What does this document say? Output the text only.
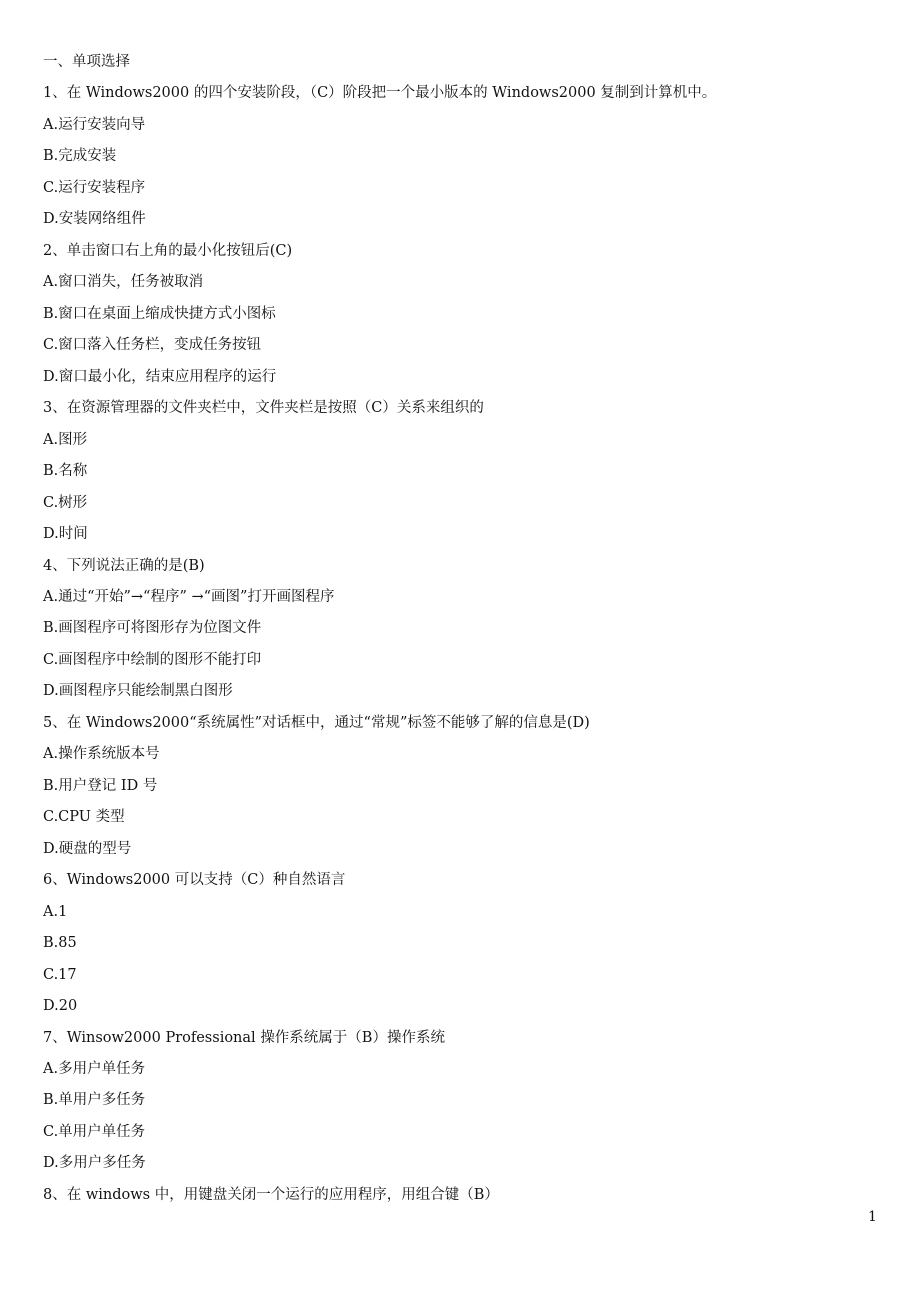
一、单项选择
1、在 Windows2000 的四个安装阶段，（C）阶段把一个最小版本的 Windows2000 复制到计算机中。
A.运行安装向导
B.完成安装
C.运行安装程序
D.安装网络组件
2、单击窗口右上角的最小化按钮后(C)
A.窗口消失，任务被取消
B.窗口在桌面上缩成快捷方式小图标
C.窗口落入任务栏，变成任务按钮
D.窗口最小化，结束应用程序的运行
3、在资源管理器的文件夹栏中，文件夹栏是按照（C）关系来组织的
A.图形
B.名称
C.树形
D.时间
4、下列说法正确的是(B)
A.通过“开始”→“程序” →“画图”打开画图程序
B.画图程序可将图形存为位图文件
C.画图程序中绘制的图形不能打印
D.画图程序只能绘制黑白图形
5、在 Windows2000“系统属性”对话框中，通过“常规”标签不能够了解的信息是(D)
A.操作系统版本号
B.用户登记 ID 号
C.CPU 类型
D.硬盘的型号
6、Windows2000 可以支持（C）种自然语言
A.1
B.85
C.17
D.20
7、Winsow2000 Professional 操作系统属于（B）操作系统
A.多用户单任务
B.单用户多任务
C.单用户单任务
D.多用户多任务
8、在 windows 中，用键盘关闭一个运行的应用程序，用组合键（B）
1
